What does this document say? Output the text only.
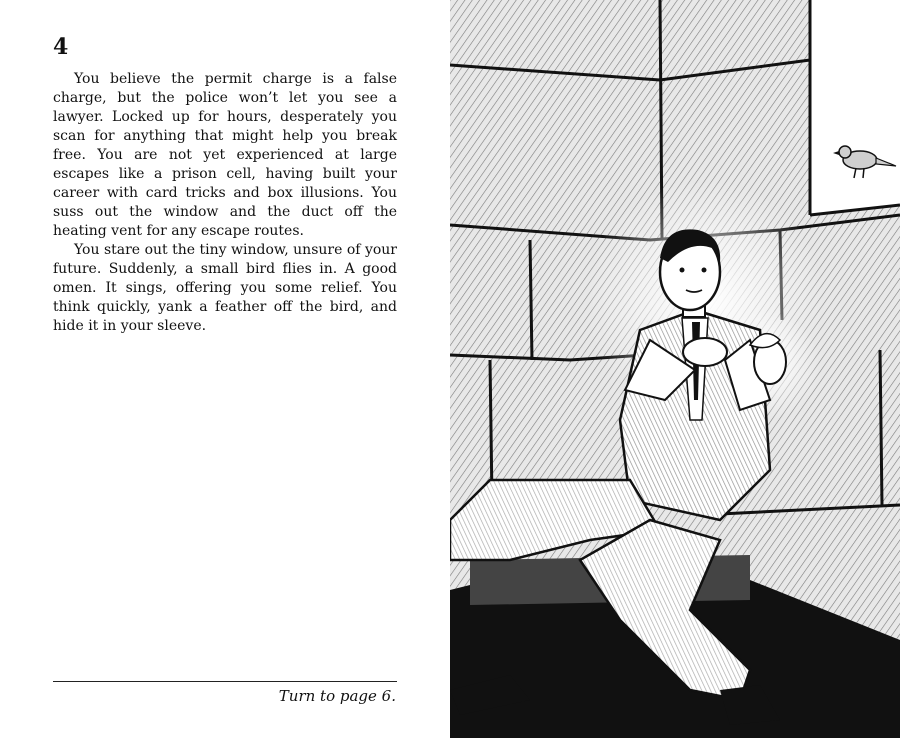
4

You believe the permit charge is a false charge, but the police won’t let you see a lawyer. Locked up for hours, desperately you scan for anything that might help you break free. You are not yet experienced at large escapes like a prison cell, having built your career with card tricks and box illusions. You suss out the window and the duct off the heating vent for any escape routes.

You stare out the tiny window, unsure of your future. Suddenly, a small bird flies in. A good omen. It sings, offering you some relief. You think quickly, yank a feather off the bird, and hide it in your sleeve.

Turn to page 6.
